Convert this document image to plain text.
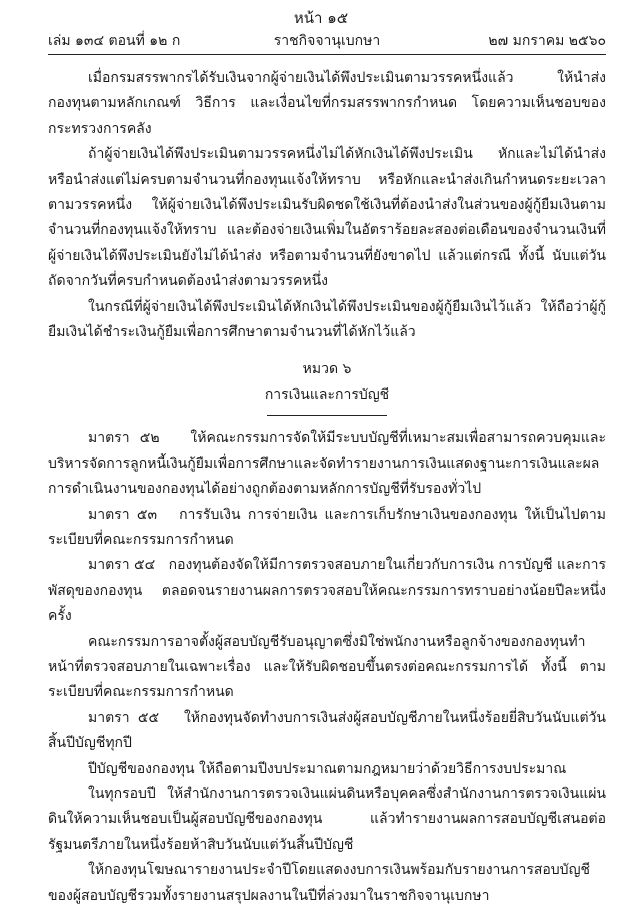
หน้า ๑๕
เล่ม ๑๓๔ ตอนที่ ๑๒ ก	ราชกิจจานุเบกษา	๒๗ มกราคม ๒๕๖๐

เมื่อกรมสรรพากรได้รับเงินจากผู้จ่ายเงินได้พึงประเมินตามวรรคหนึ่งแล้ว ให้นำส่งกองทุนตามหลักเกณฑ์ วิธีการ และเงื่อนไขที่กรมสรรพากรกำหนด โดยความเห็นชอบของกระทรวงการคลัง

ถ้าผู้จ่ายเงินได้พึงประเมินตามวรรคหนึ่งไม่ได้หักเงินได้พึงประเมิน หักและไม่ได้นำส่ง หรือนำส่งแต่ไม่ครบตามจำนวนที่กองทุนแจ้งให้ทราบ หรือหักและนำส่งเกินกำหนดระยะเวลาตามวรรคหนึ่ง ให้ผู้จ่ายเงินได้พึงประเมินรับผิดชดใช้เงินที่ต้องนำส่งในส่วนของผู้กู้ยืมเงินตามจำนวนที่กองทุนแจ้งให้ทราบ และต้องจ่ายเงินเพิ่มในอัตราร้อยละสองต่อเดือนของจำนวนเงินที่ผู้จ่ายเงินได้พึงประเมินยังไม่ได้นำส่ง หรือตามจำนวนที่ยังขาดไป แล้วแต่กรณี ทั้งนี้ นับแต่วันถัดจากวันที่ครบกำหนดต้องนำส่งตามวรรคหนึ่ง

ในกรณีที่ผู้จ่ายเงินได้พึงประเมินได้หักเงินได้พึงประเมินของผู้กู้ยืมเงินไว้แล้ว ให้ถือว่าผู้กู้ยืมเงินได้ชำระเงินกู้ยืมเพื่อการศึกษาตามจำนวนที่ได้หักไว้แล้ว

หมวด ๖

การเงินและการบัญชี

มาตรา ๕๒ ให้คณะกรรมการจัดให้มีระบบบัญชีที่เหมาะสมเพื่อสามารถควบคุมและบริหารจัดการลูกหนี้เงินกู้ยืมเพื่อการศึกษาและจัดทำรายงานการเงินแสดงฐานะการเงินและผลการดำเนินงานของกองทุนได้อย่างถูกต้องตามหลักการบัญชีที่รับรองทั่วไป

มาตรา ๕๓ การรับเงิน การจ่ายเงิน และการเก็บรักษาเงินของกองทุน ให้เป็นไปตามระเบียบที่คณะกรรมการกำหนด

มาตรา ๕๔ กองทุนต้องจัดให้มีการตรวจสอบภายในเกี่ยวกับการเงิน การบัญชี และการพัสดุของกองทุน ตลอดจนรายงานผลการตรวจสอบให้คณะกรรมการทราบอย่างน้อยปีละหนึ่งครั้ง

คณะกรรมการอาจตั้งผู้สอบบัญชีรับอนุญาตซึ่งมิใช่พนักงานหรือลูกจ้างของกองทุนทำหน้าที่ตรวจสอบภายในเฉพาะเรื่อง และให้รับผิดชอบขึ้นตรงต่อคณะกรรมการได้ ทั้งนี้ ตามระเบียบที่คณะกรรมการกำหนด

มาตรา ๕๕ ให้กองทุนจัดทำงบการเงินส่งผู้สอบบัญชีภายในหนึ่งร้อยยี่สิบวันนับแต่วันสิ้นปีบัญชีทุกปี

ปีบัญชีของกองทุน ให้ถือตามปีงบประมาณตามกฎหมายว่าด้วยวิธีการงบประมาณ

ในทุกรอบปี ให้สำนักงานการตรวจเงินแผ่นดินหรือบุคคลซึ่งสำนักงานการตรวจเงินแผ่นดินให้ความเห็นชอบเป็นผู้สอบบัญชีของกองทุน แล้วทำรายงานผลการสอบบัญชีเสนอต่อรัฐมนตรีภายในหนึ่งร้อยห้าสิบวันนับแต่วันสิ้นปีบัญชี

ให้กองทุนโฆษณารายงานประจำปีโดยแสดงงบการเงินพร้อมกับรายงานการสอบบัญชีของผู้สอบบัญชีรวมทั้งรายงานสรุปผลงานในปีที่ล่วงมาในราชกิจจานุเบกษา
